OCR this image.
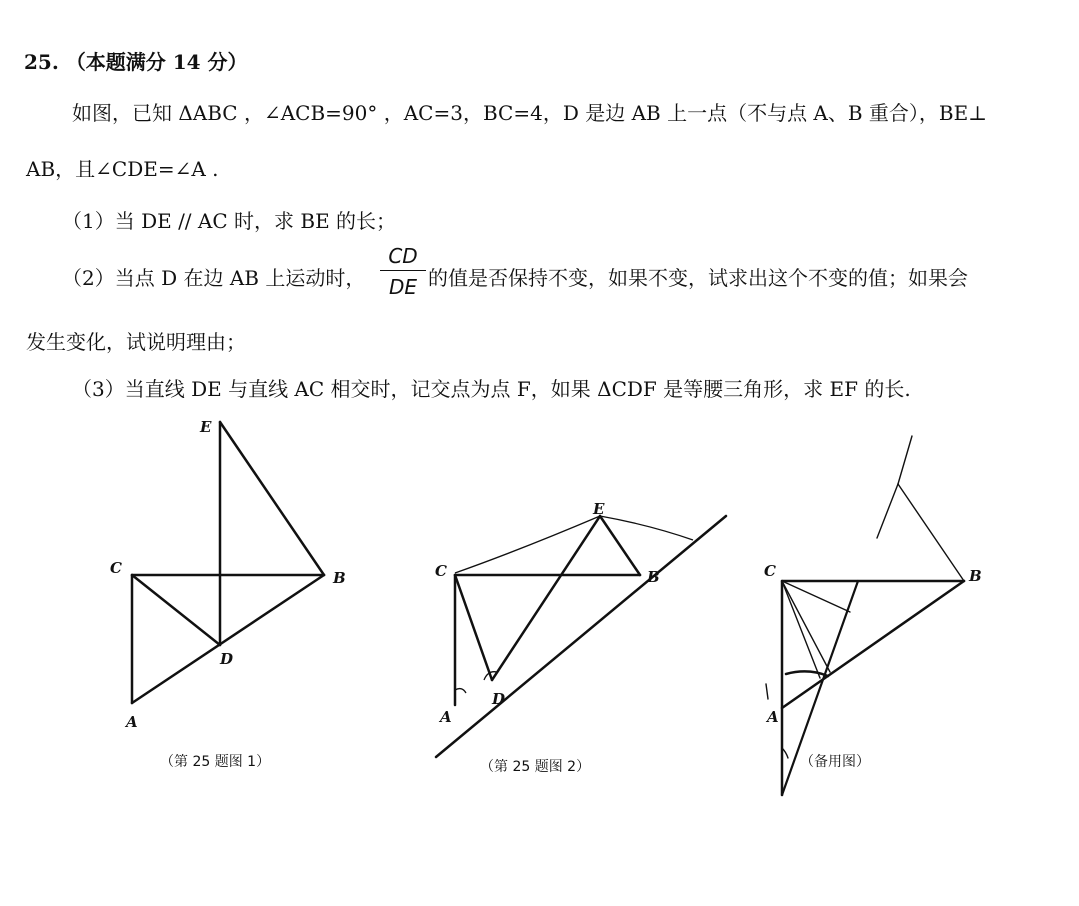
25. （本题满分 14 分）
如图，已知 ΔABC ，∠ACB=90° ，AC=3，BC=4，D 是边 AB 上一点（不与点 A、B 重合），BE⊥
AB，且∠CDE=∠A .
（1）当 DE // AC 时，求 BE 的长；
（2）当点 D 在边 AB 上运动时， $\frac{CD}{DE}$ 的值是否保持不变，如果不变，试求出这个不变的值；如果会
发生变化，试说明理由；
（3）当直线 DE 与直线 AC 相交时，记交点为点 F，如果 ΔCDF 是等腰三角形，求 EF 的长.
E
C
B
D
A
（第 25 题图 1）
E
C	B
D
A
（第 25 题图 2）
C	B
A
（备用图）
